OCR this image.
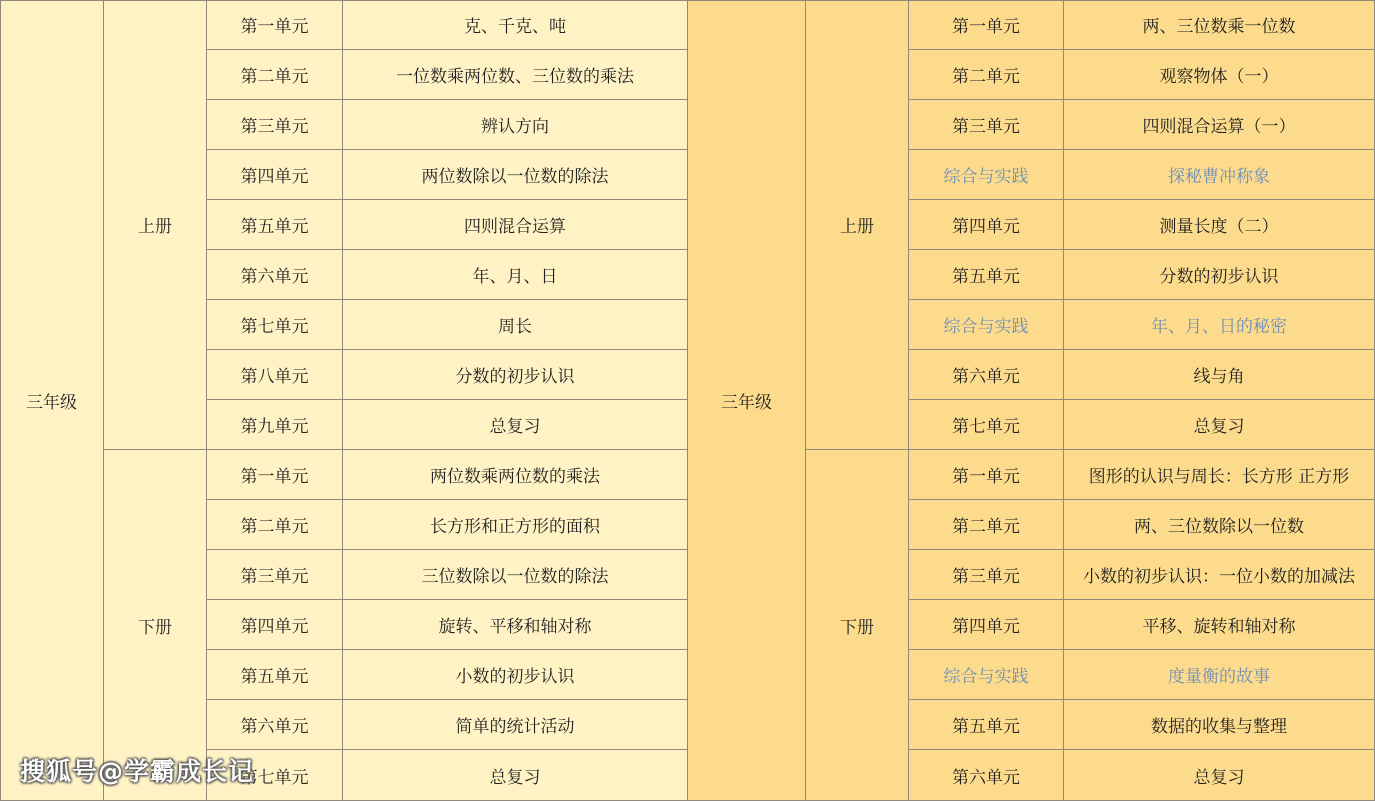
三年级
上册
第一单元	克、千克、吨
第二单元	一位数乘两位数、三位数的乘法
第三单元	辨认方向
第四单元	两位数除以一位数的除法
第五单元	四则混合运算
第六单元	年、月、日
第七单元	周长
第八单元	分数的初步认识
第九单元	总复习
下册
第一单元	两位数乘两位数的乘法
第二单元	长方形和正方形的面积
第三单元	三位数除以一位数的除法
第四单元	旋转、平移和轴对称
第五单元	小数的初步认识
第六单元	简单的统计活动
第七单元	总复习
三年级
上册
第一单元	两、三位数乘一位数
第二单元	观察物体（一）
第三单元	四则混合运算（一）
综合与实践	探秘曹冲称象
第四单元	测量长度（二）
第五单元	分数的初步认识
综合与实践	年、月、日的秘密
第六单元	线与角
第七单元	总复习
下册
第一单元	图形的认识与周长：长方形 正方形
第二单元	两、三位数除以一位数
第三单元	小数的初步认识：一位小数的加减法
第四单元	平移、旋转和轴对称
综合与实践	度量衡的故事
第五单元	数据的收集与整理
第六单元	总复习
搜狐号@学霸成长记
